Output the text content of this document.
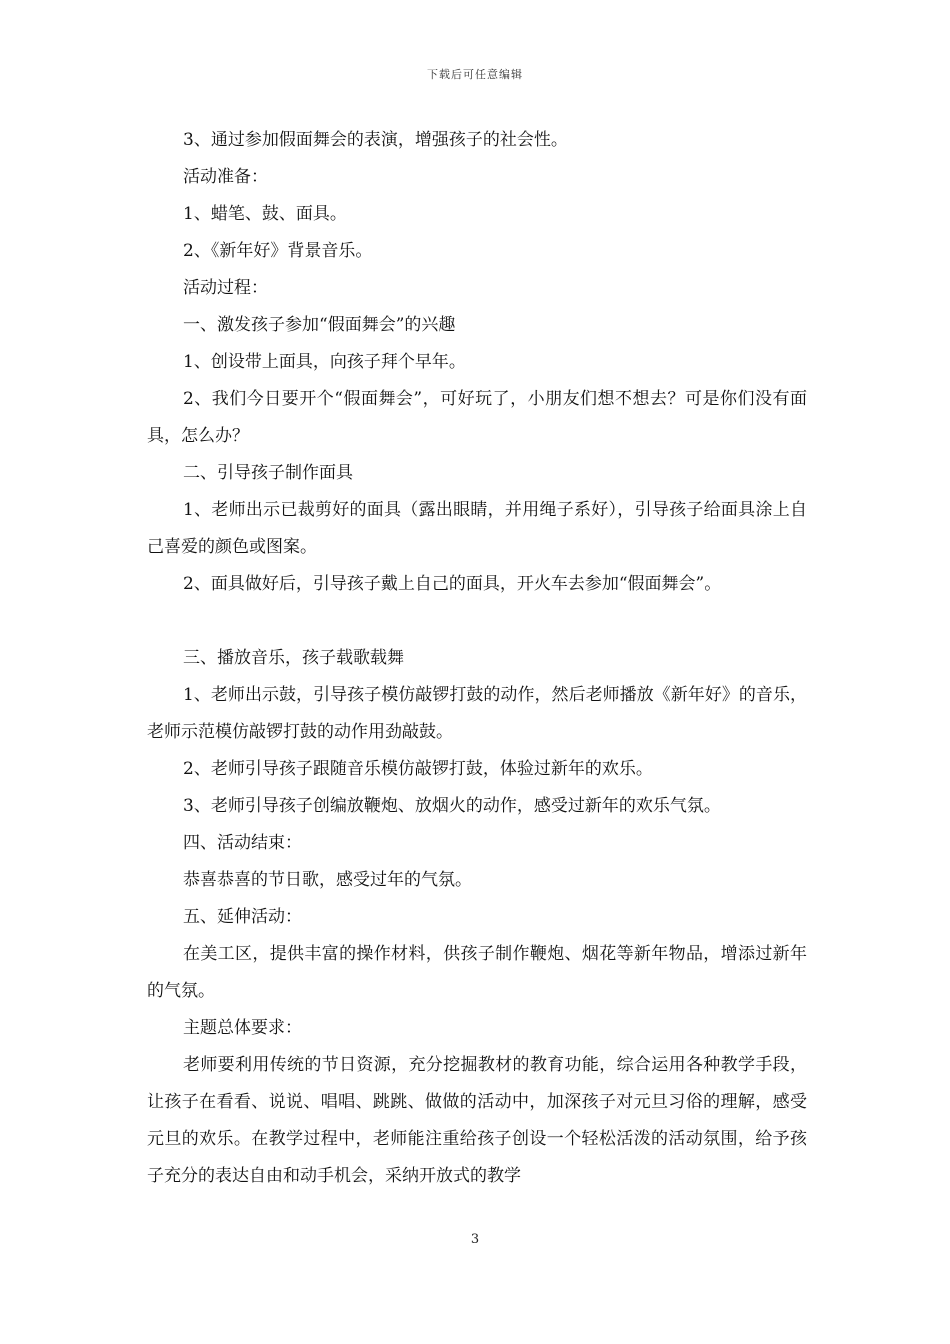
下载后可任意编辑

3、通过参加假面舞会的表演，增强孩子的社会性。

活动准备：

1、蜡笔、鼓、面具。

2、《新年好》背景音乐。

活动过程：

一、激发孩子参加“假面舞会”的兴趣

1、创设带上面具，向孩子拜个早年。

2、我们今日要开个“假面舞会”，可好玩了，小朋友们想不想去？可是你们没有面具，怎么办？

二、引导孩子制作面具

1、老师出示已裁剪好的面具（露出眼睛，并用绳子系好），引导孩子给面具涂上自己喜爱的颜色或图案。

2、面具做好后，引导孩子戴上自己的面具，开火车去参加“假面舞会”。

三、播放音乐，孩子载歌载舞

1、老师出示鼓，引导孩子模仿敲锣打鼓的动作，然后老师播放《新年好》的音乐，老师示范模仿敲锣打鼓的动作用劲敲鼓。

2、老师引导孩子跟随音乐模仿敲锣打鼓，体验过新年的欢乐。

3、老师引导孩子创编放鞭炮、放烟火的动作，感受过新年的欢乐气氛。

四、活动结束：

恭喜恭喜的节日歌，感受过年的气氛。

五、延伸活动：

在美工区，提供丰富的操作材料，供孩子制作鞭炮、烟花等新年物品，增添过新年的气氛。

主题总体要求：

老师要利用传统的节日资源，充分挖掘教材的教育功能，综合运用各种教学手段，让孩子在看看、说说、唱唱、跳跳、做做的活动中，加深孩子对元旦习俗的理解，感受元旦的欢乐。在教学过程中，老师能注重给孩子创设一个轻松活泼的活动氛围，给予孩子充分的表达自由和动手机会，采纳开放式的教学

3
